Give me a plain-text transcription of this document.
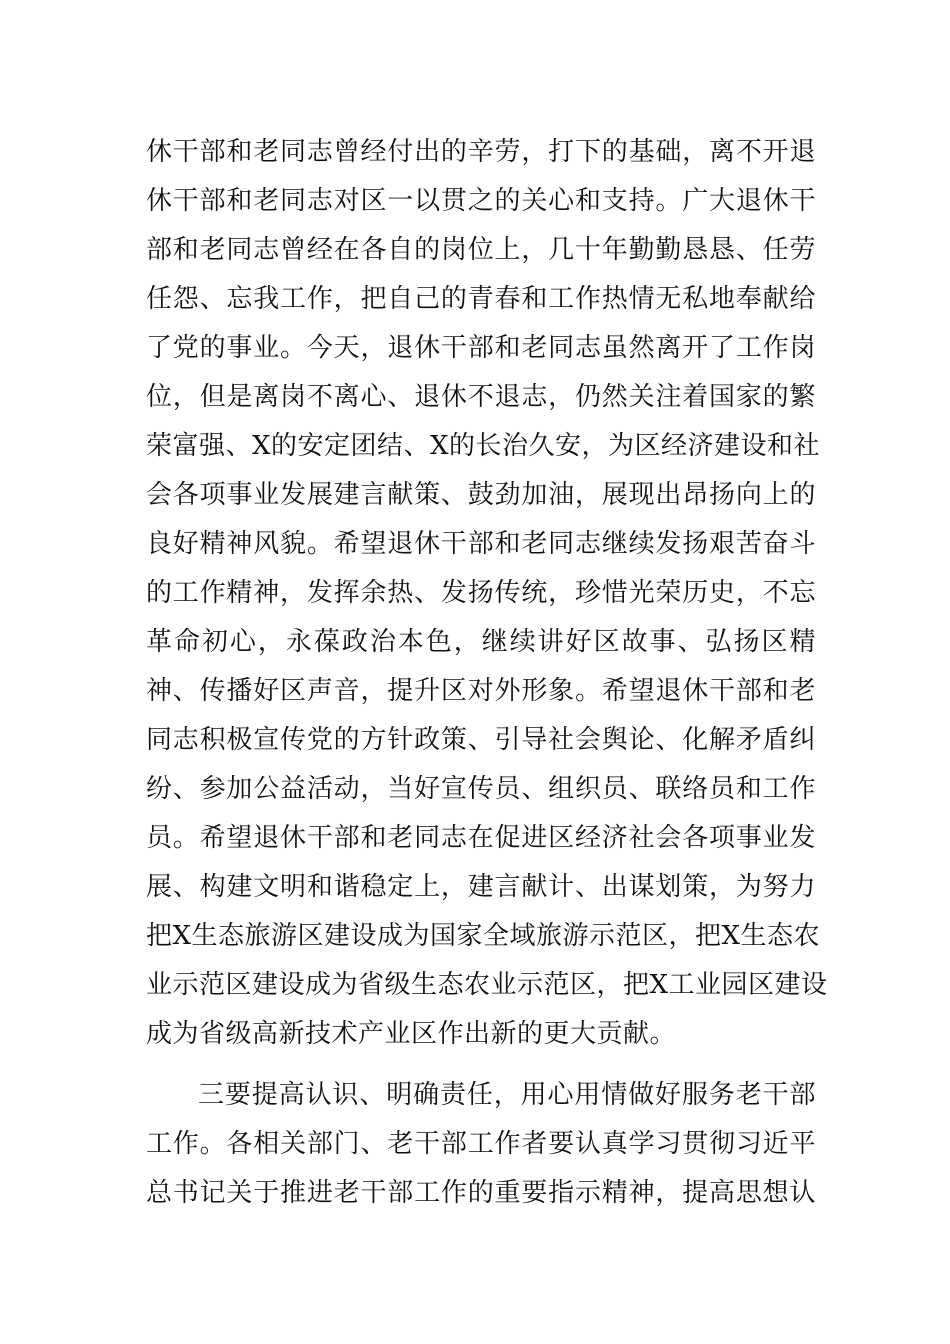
休干部和老同志曾经付出的辛劳，打下的基础，离不开退
休干部和老同志对区一以贯之的关心和支持。广大退休干
部和老同志曾经在各自的岗位上，几十年勤勤恳恳、任劳
任怨、忘我工作，把自己的青春和工作热情无私地奉献给
了党的事业。今天，退休干部和老同志虽然离开了工作岗
位，但是离岗不离心、退休不退志，仍然关注着国家的繁
荣富强、X的安定团结、X的长治久安，为区经济建设和社
会各项事业发展建言献策、鼓劲加油，展现出昂扬向上的
良好精神风貌。希望退休干部和老同志继续发扬艰苦奋斗
的工作精神，发挥余热、发扬传统，珍惜光荣历史，不忘
革命初心，永葆政治本色，继续讲好区故事、弘扬区精
神、传播好区声音，提升区对外形象。希望退休干部和老
同志积极宣传党的方针政策、引导社会舆论、化解矛盾纠
纷、参加公益活动，当好宣传员、组织员、联络员和工作
员。希望退休干部和老同志在促进区经济社会各项事业发
展、构建文明和谐稳定上，建言献计、出谋划策，为努力
把X生态旅游区建设成为国家全域旅游示范区，把X生态农
业示范区建设成为省级生态农业示范区，把X工业园区建设
成为省级高新技术产业区作出新的更大贡献。
三要提高认识、明确责任，用心用情做好服务老干部
工作。各相关部门、老干部工作者要认真学习贯彻习近平
总书记关于推进老干部工作的重要指示精神，提高思想认
